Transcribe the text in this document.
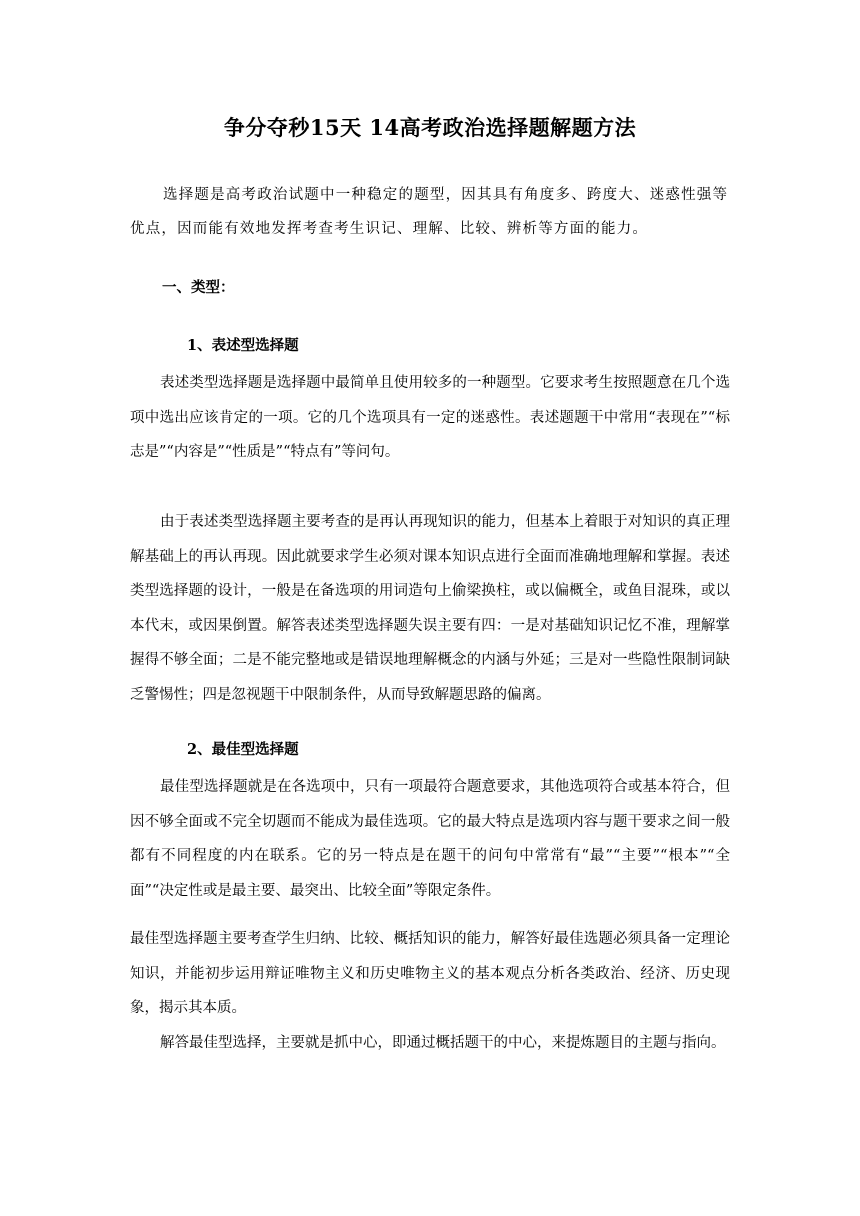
争分夺秒15天 14高考政治选择题解题方法
选择题是高考政治试题中一种稳定的题型，因其具有角度多、跨度大、迷惑性强等优点，因而能有效地发挥考查考生识记、理解、比较、辨析等方面的能力。
一、类型：
1、表述型选择题
表述类型选择题是选择题中最简单且使用较多的一种题型。它要求考生按照题意在几个选项中选出应该肯定的一项。它的几个选项具有一定的迷惑性。表述题题干中常用“表现在”“标志是”“内容是”“性质是”“特点有”等问句。
由于表述类型选择题主要考查的是再认再现知识的能力，但基本上着眼于对知识的真正理解基础上的再认再现。因此就要求学生必须对课本知识点进行全面而准确地理解和掌握。表述类型选择题的设计，一般是在备选项的用词造句上偷梁换柱，或以偏概全，或鱼目混珠，或以本代末，或因果倒置。解答表述类型选择题失误主要有四：一是对基础知识记忆不准，理解掌握得不够全面；二是不能完整地或是错误地理解概念的内涵与外延；三是对一些隐性限制词缺乏警惕性；四是忽视题干中限制条件，从而导致解题思路的偏离。
2、最佳型选择题
最佳型选择题就是在各选项中，只有一项最符合题意要求，其他选项符合或基本符合，但因不够全面或不完全切题而不能成为最佳选项。它的最大特点是选项内容与题干要求之间一般都有不同程度的内在联系。它的另一特点是在题干的问句中常常有“最”“主要”“根本”“全面”“决定性或是最主要、最突出、比较全面”等限定条件。
最佳型选择题主要考查学生归纳、比较、概括知识的能力，解答好最佳选题必须具备一定理论知识，并能初步运用辩证唯物主义和历史唯物主义的基本观点分析各类政治、经济、历史现象，揭示其本质。
解答最佳型选择，主要就是抓中心，即通过概括题干的中心，来提炼题目的主题与指向。
